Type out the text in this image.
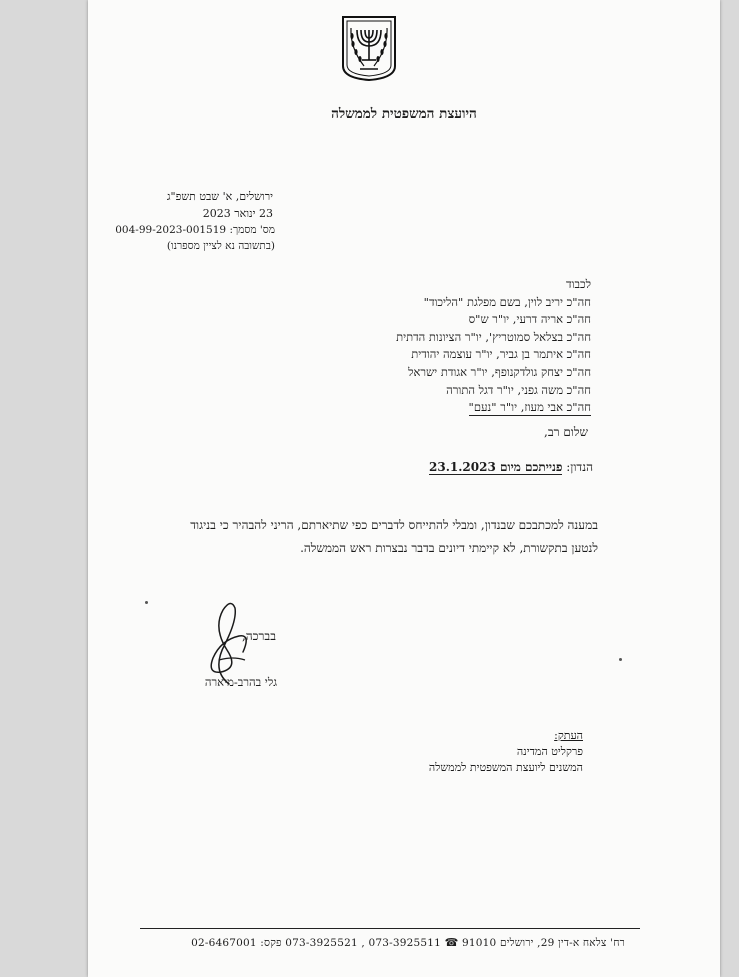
היועצת המשפטית לממשלה
ירושלים, א' שבט תשפ"ג
23 ינואר 2023
מס' מסמך: 004-99-2023-001519
(בתשובה נא לציין מספרנו)
לכבוד
חה"כ יריב לוין, בשם מפלגת "הליכוד"
חה"כ אריה דרעי, יו"ר ש"ס
חה"כ בצלאל סמוטריץ', יו"ר הציונות הדתית
חה"כ איתמר בן גביר, יו"ר עוצמה יהודית
חה"כ יצחק גולדקנופף, יו"ר אגודת ישראל
חה"כ משה גפני, יו"ר דגל התורה
חה"כ אבי מעוז, יו"ר "נעם"
שלום רב,
הנדון: פנייתכם מיום 23.1.2023
במענה למכתבכם שבנדון, ומבלי להתייחס לדברים כפי שתיארתם, הריני להבהיר כי בניגוד לנטען בתקשורת, לא קיימתי דיונים בדבר נבצרות ראש הממשלה.
בברכה,
גלי בהרב-מיארה
העתק:
פרקליט המדינה
המשנים ליועצת המשפטית לממשלה
רח' צלאח א-דין 29, ירושלים 91010 ☎ 073-3925511 , 073-3925521 פקס: 02-6467001
